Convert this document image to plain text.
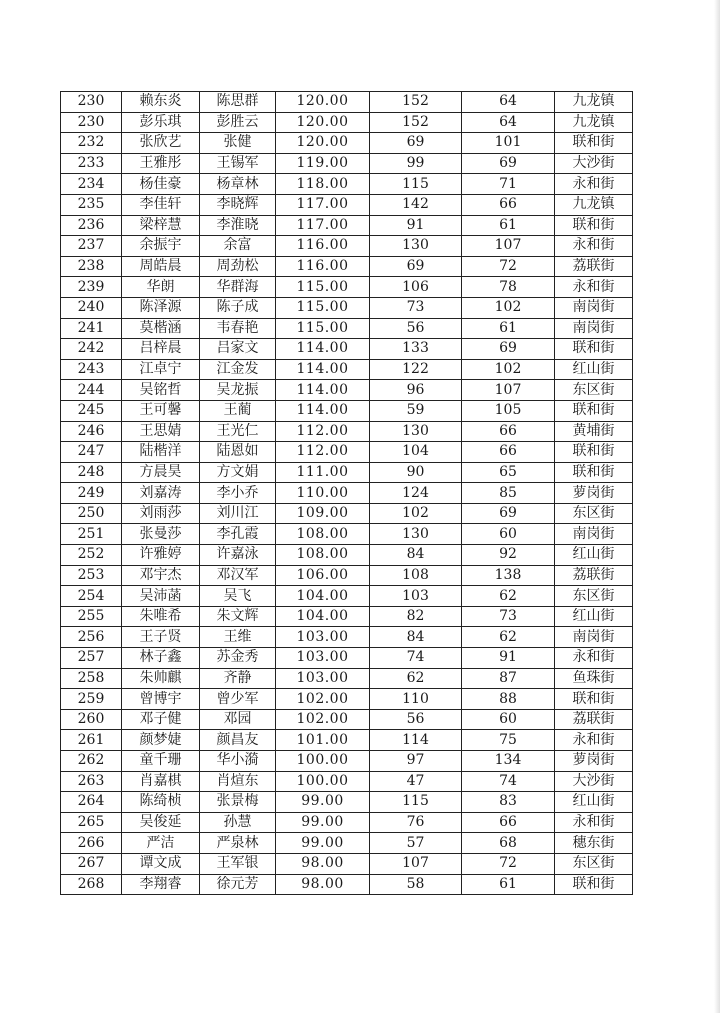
230	赖东炎	陈思群	120.00	152	64	九龙镇
230	彭乐琪	彭胜云	120.00	152	64	九龙镇
232	张欣艺	张健	120.00	69	101	联和街
233	王雅彤	王锡军	119.00	99	69	大沙街
234	杨佳豪	杨章林	118.00	115	71	永和街
235	李佳轩	李晓辉	117.00	142	66	九龙镇
236	梁梓慧	李淮晓	117.00	91	61	联和街
237	余振宇	余富	116.00	130	107	永和街
238	周皓晨	周劲松	116.00	69	72	荔联街
239	华朗	华群海	115.00	106	78	永和街
240	陈泽源	陈子成	115.00	73	102	南岗街
241	莫楷涵	韦春艳	115.00	56	61	南岗街
242	吕梓晨	吕家文	114.00	133	69	联和街
243	江卓宁	江金发	114.00	122	102	红山街
244	吴铭哲	吴龙振	114.00	96	107	东区街
245	王可馨	王蔺	114.00	59	105	联和街
246	王思婧	王光仁	112.00	130	66	黄埔街
247	陆楷洋	陆恩如	112.00	104	66	联和街
248	方晨昊	方文娟	111.00	90	65	联和街
249	刘嘉涛	李小乔	110.00	124	85	萝岗街
250	刘雨莎	刘川江	109.00	102	69	东区街
251	张曼莎	李孔霞	108.00	130	60	南岗街
252	许雅婷	许嘉泳	108.00	84	92	红山街
253	邓宇杰	邓汉军	106.00	108	138	荔联街
254	吴沛菡	吴飞	104.00	103	62	东区街
255	朱唯希	朱文辉	104.00	82	73	红山街
256	王子贤	王维	103.00	84	62	南岗街
257	林子鑫	苏金秀	103.00	74	91	永和街
258	朱帅麒	齐静	103.00	62	87	鱼珠街
259	曾博宇	曾少军	102.00	110	88	联和街
260	邓子健	邓园	102.00	56	60	荔联街
261	颜梦婕	颜昌友	101.00	114	75	永和街
262	童千珊	华小漪	100.00	97	134	萝岗街
263	肖嘉棋	肖煊东	100.00	47	74	大沙街
264	陈绮桢	张景梅	99.00	115	83	红山街
265	吴俊延	孙慧	99.00	76	66	永和街
266	严洁	严泉林	99.00	57	68	穗东街
267	谭文成	王军银	98.00	107	72	东区街
268	李翔睿	徐元芳	98.00	58	61	联和街
